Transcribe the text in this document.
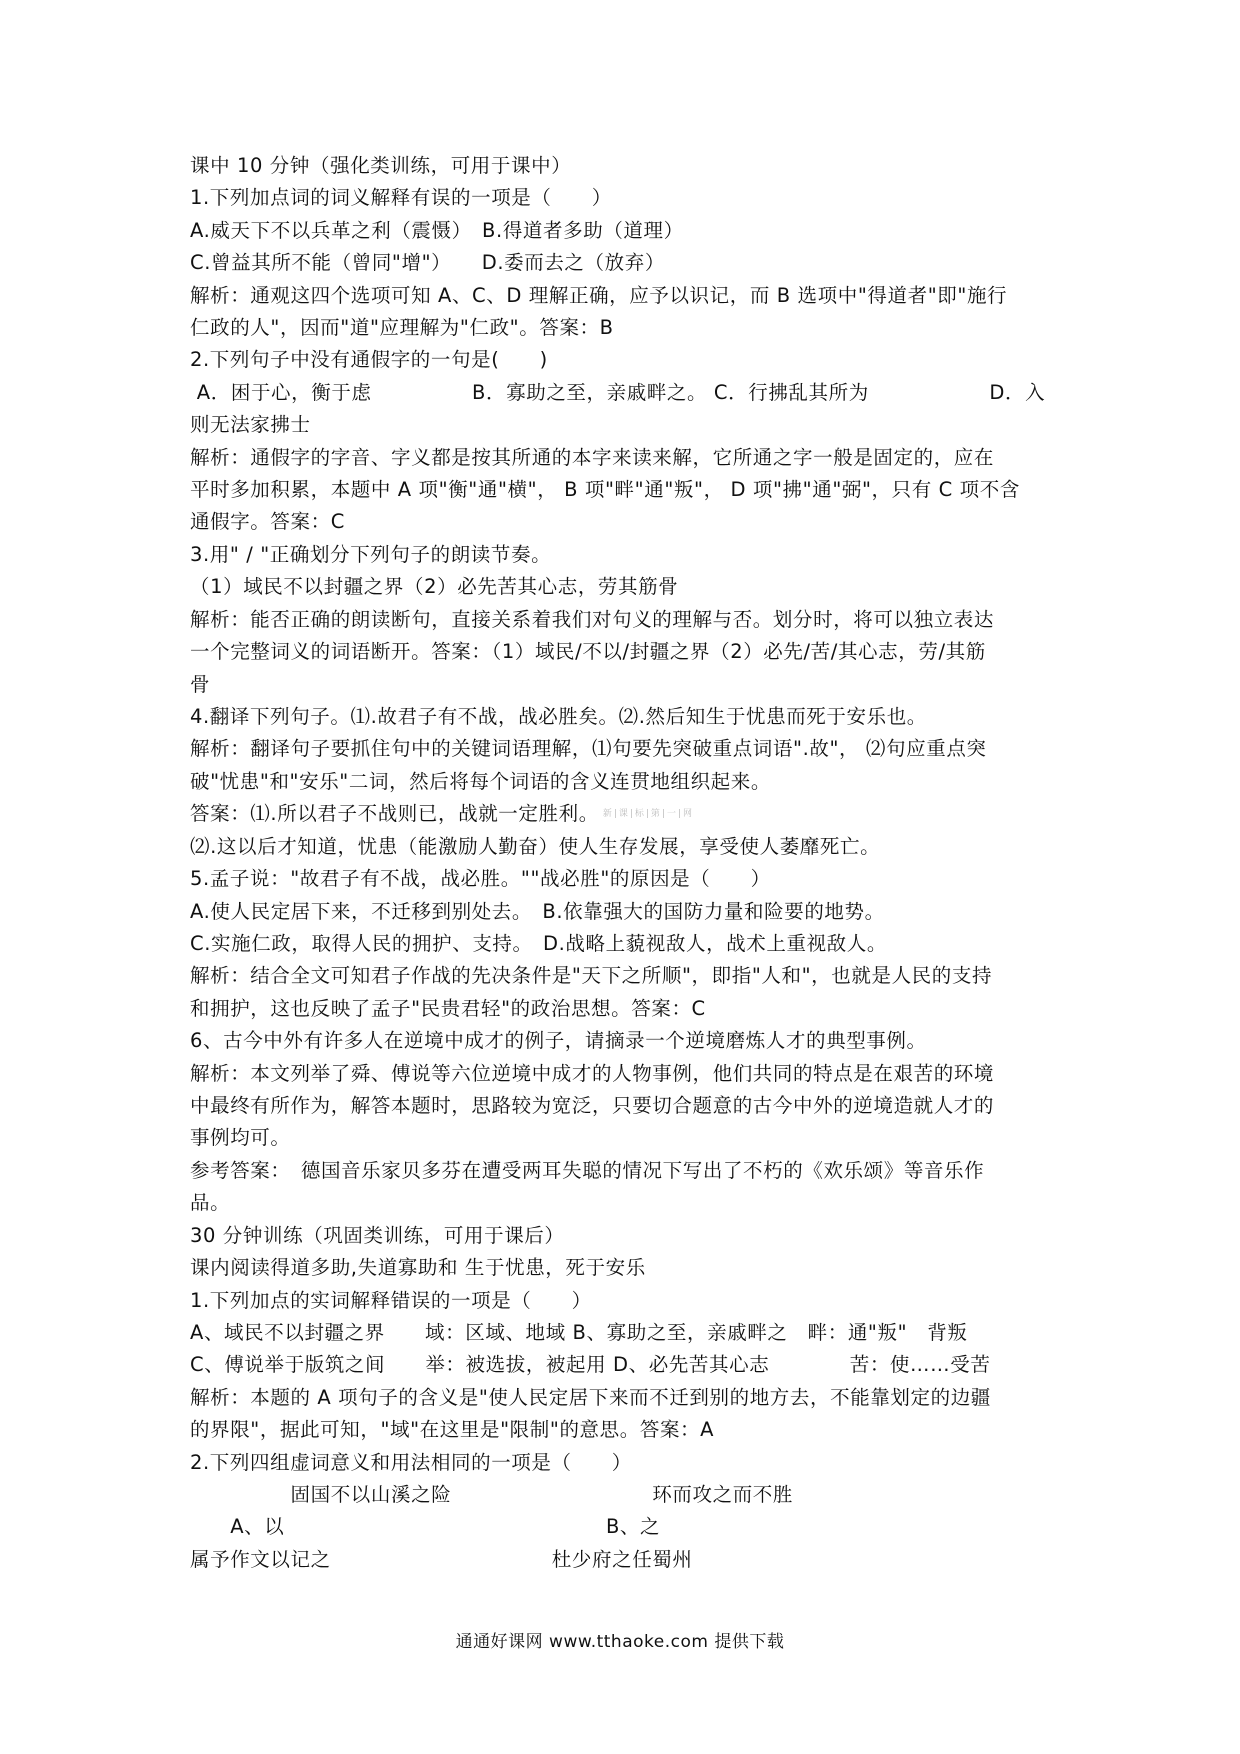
课中 10 分钟（强化类训练，可用于课中）
1.下列加点词的词义解释有误的一项是（　　）
A.威天下不以兵革之利（震慑）　B.得道者多助（道理）
C.曾益其所不能（曾同"增"）　　D.委而去之（放弃）
解析：通观这四个选项可知 A、C、D 理解正确，应予以识记，而 B 选项中"得道者"即"施行
仁政的人"，因而"道"应理解为"仁政"。答案：B
2.下列句子中没有通假字的一句是(　　)
A．困于心，衡于虑　　　　　B．寡助之至，亲戚畔之。 C．行拂乱其所为　　　　　　D．入
则无法家拂士
解析：通假字的字音、字义都是按其所通的本字来读来解，它所通之字一般是固定的，应在
平时多加积累，本题中 A 项"衡"通"横"， B 项"畔"通"叛"， D 项"拂"通"弼"，只有 C 项不含
通假字。答案：C
3.用" / "正确划分下列句子的朗读节奏。
（1）域民不以封疆之界（2）必先苦其心志，劳其筋骨
解析：能否正确的朗读断句，直接关系着我们对句义的理解与否。划分时，将可以独立表达
一个完整词义的词语断开。答案：（1）域民/不以/封疆之界（2）必先/苦/其心志，劳/其筋
骨
4.翻译下列句子。⑴.故君子有不战，战必胜矣。⑵.然后知生于忧患而死于安乐也。
解析：翻译句子要抓住句中的关键词语理解，⑴句要先突破重点词语".故"， ⑵句应重点突
破"忧患"和"安乐"二词，然后将每个词语的含义连贯地组织起来。
答案：⑴.所以君子不战则已，战就一定胜利。 新|课|标|第|一|网
⑵.这以后才知道，忧患（能激励人勤奋）使人生存发展，享受使人萎靡死亡。
5.孟子说："故君子有不战，战必胜。""战必胜"的原因是（　　）
A.使人民定居下来，不迁移到别处去。　B.依靠强大的国防力量和险要的地势。
C.实施仁政，取得人民的拥护、支持。　D.战略上藐视敌人，战术上重视敌人。
解析：结合全文可知君子作战的先决条件是"天下之所顺"，即指"人和"，也就是人民的支持
和拥护，这也反映了孟子"民贵君轻"的政治思想。答案：C
6、古今中外有许多人在逆境中成才的例子，请摘录一个逆境磨炼人才的典型事例。
解析：本文列举了舜、傅说等六位逆境中成才的人物事例，他们共同的特点是在艰苦的环境
中最终有所作为，解答本题时，思路较为宽泛，只要切合题意的古今中外的逆境造就人才的
事例均可。
参考答案：　德国音乐家贝多芬在遭受两耳失聪的情况下写出了不朽的《欢乐颂》等音乐作
品。
30 分钟训练（巩固类训练，可用于课后）
课内阅读得道多助,失道寡助和 生于忧患，死于安乐
1.下列加点的实词解释错误的一项是（　　）
A、域民不以封疆之界　　域：区域、地域 B、寡助之至，亲戚畔之　畔：通"叛"　背叛
C、傅说举于版筑之间　　举：被选拔，被起用 D、必先苦其心志　　　　苦：使……受苦
解析：本题的 A 项句子的含义是"使人民定居下来而不迁到别的地方去，不能靠划定的边疆
的界限"，据此可知，"域"在这里是"限制"的意思。答案：A
2.下列四组虚词意义和用法相同的一项是（　　）
　　　　　固国不以山溪之险　　　　　　　　　　环而攻之而不胜
　　A、以　　　　　　　　　　　　　　　　B、之
属予作文以记之　　　　　　　　　　　杜少府之任蜀州
通通好课网 www.tthaoke.com 提供下载
